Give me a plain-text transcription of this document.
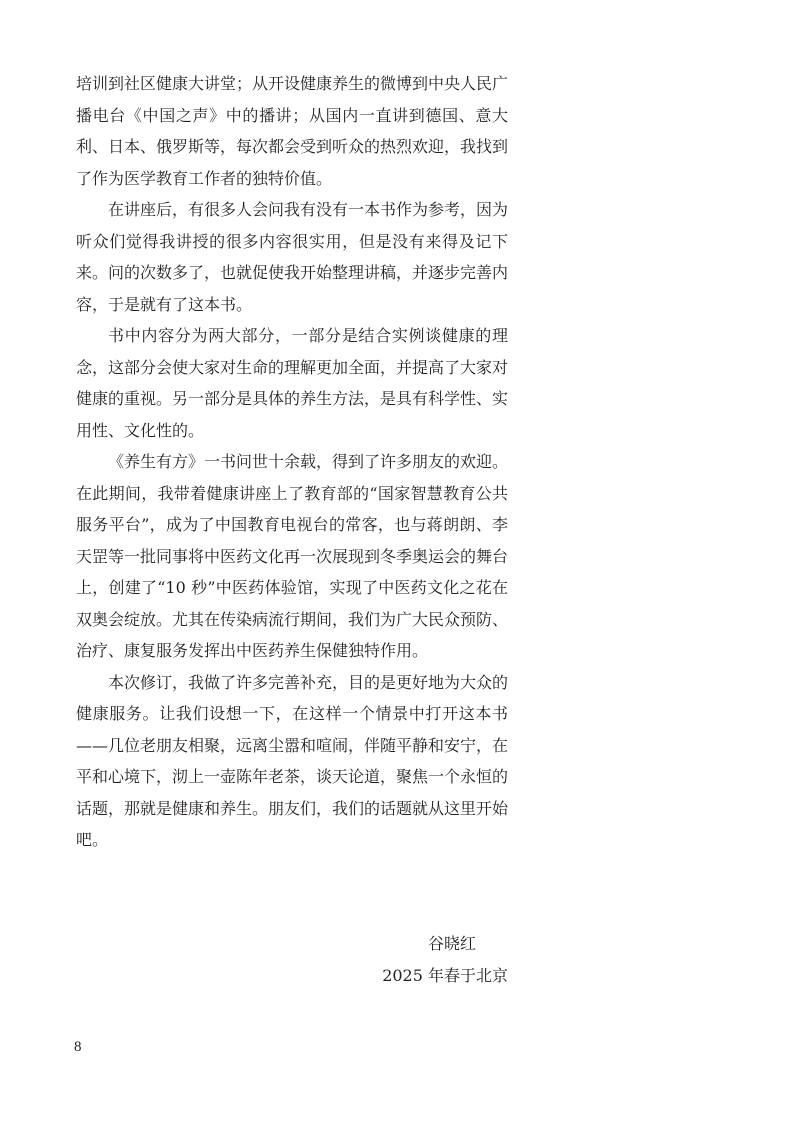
培训到社区健康大讲堂；从开设健康养生的微博到中央人民广播电台《中国之声》中的播讲；从国内一直讲到德国、意大利、日本、俄罗斯等，每次都会受到听众的热烈欢迎，我找到了作为医学教育工作者的独特价值。

在讲座后，有很多人会问我有没有一本书作为参考，因为听众们觉得我讲授的很多内容很实用，但是没有来得及记下来。问的次数多了，也就促使我开始整理讲稿，并逐步完善内容，于是就有了这本书。

书中内容分为两大部分，一部分是结合实例谈健康的理念，这部分会使大家对生命的理解更加全面，并提高了大家对健康的重视。另一部分是具体的养生方法，是具有科学性、实用性、文化性的。

《养生有方》一书问世十余载，得到了许多朋友的欢迎。在此期间，我带着健康讲座上了教育部的“国家智慧教育公共服务平台”，成为了中国教育电视台的常客，也与蒋朗朗、李天罡等一批同事将中医药文化再一次展现到冬季奥运会的舞台上，创建了“10 秒”中医药体验馆，实现了中医药文化之花在双奥会绽放。尤其在传染病流行期间，我们为广大民众预防、治疗、康复服务发挥出中医药养生保健独特作用。

本次修订，我做了许多完善补充，目的是更好地为大众的健康服务。让我们设想一下，在这样一个情景中打开这本书——几位老朋友相聚，远离尘嚣和喧闹，伴随平静和安宁，在平和心境下，沏上一壶陈年老茶，谈天论道，聚焦一个永恒的话题，那就是健康和养生。朋友们，我们的话题就从这里开始吧。

谷晓红
2025 年春于北京
8
